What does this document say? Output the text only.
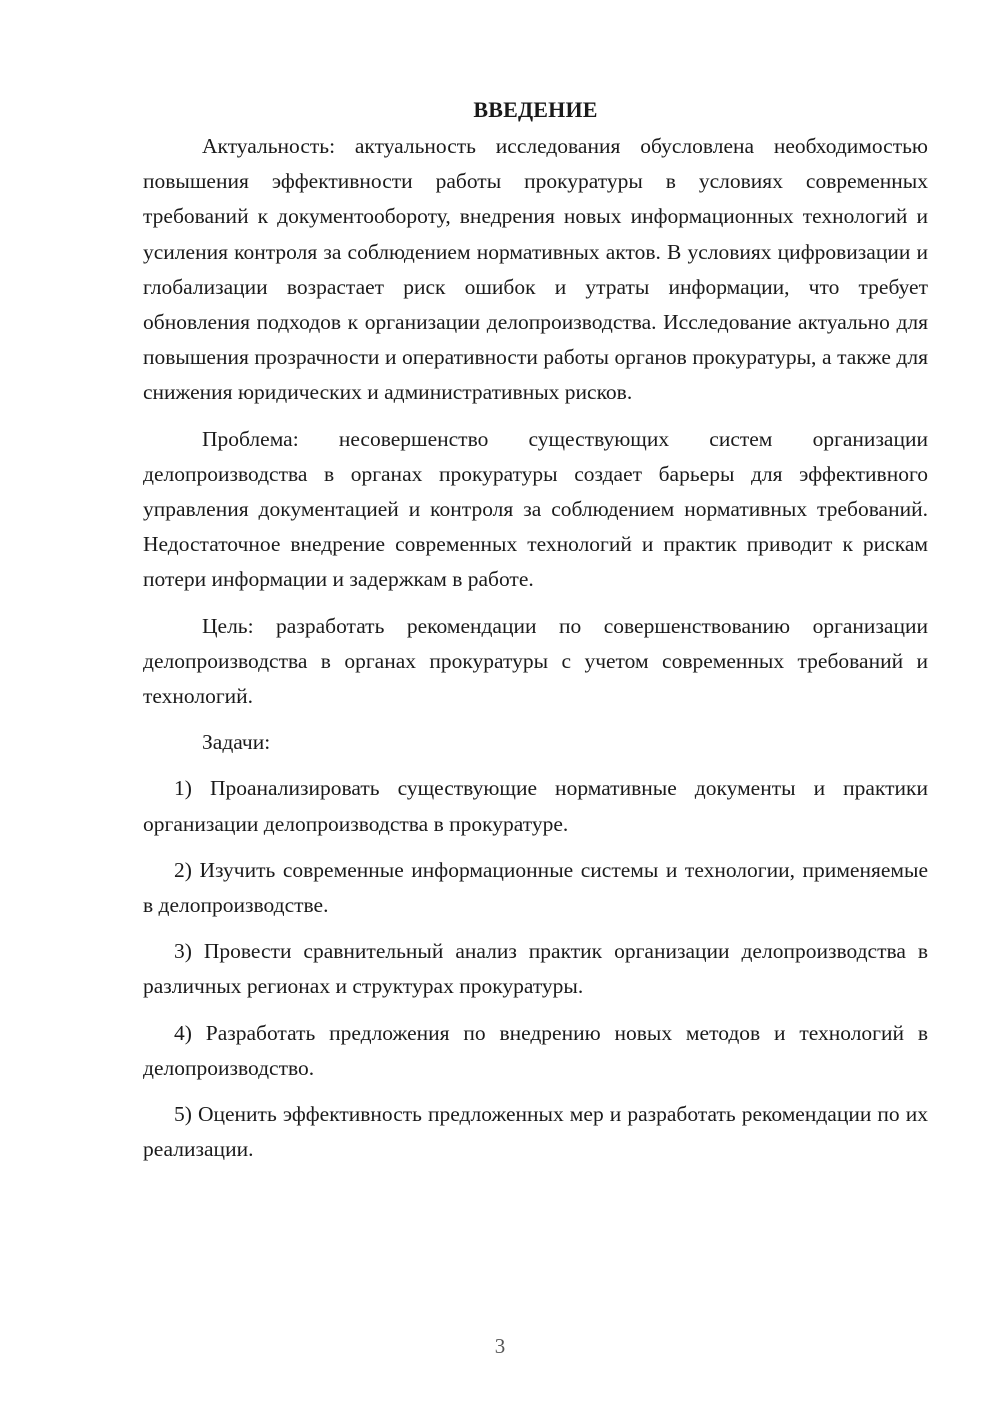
ВВЕДЕНИЕ

Актуальность: актуальность исследования обусловлена необходимостью повышения эффективности работы прокуратуры в условиях современных требований к документообороту, внедрения новых информационных технологий и усиления контроля за соблюдением нормативных актов. В условиях цифровизации и глобализации возрастает риск ошибок и утраты информации, что требует обновления подходов к организации делопроизводства. Исследование актуально для повышения прозрачности и оперативности работы органов прокуратуры, а также для снижения юридических и административных рисков.

Проблема: несовершенство существующих систем организации делопроизводства в органах прокуратуры создает барьеры для эффективного управления документацией и контроля за соблюдением нормативных требований. Недостаточное внедрение современных технологий и практик приводит к рискам потери информации и задержкам в работе.

Цель: разработать рекомендации по совершенствованию организации делопроизводства в органах прокуратуры с учетом современных требований и технологий.

Задачи:

1) Проанализировать существующие нормативные документы и практики организации делопроизводства в прокуратуре.

2) Изучить современные информационные системы и технологии, применяемые в делопроизводстве.

3) Провести сравнительный анализ практик организации делопроизводства в различных регионах и структурах прокуратуры.

4) Разработать предложения по внедрению новых методов и технологий в делопроизводство.

5) Оценить эффективность предложенных мер и разработать рекомендации по их реализации.

3
